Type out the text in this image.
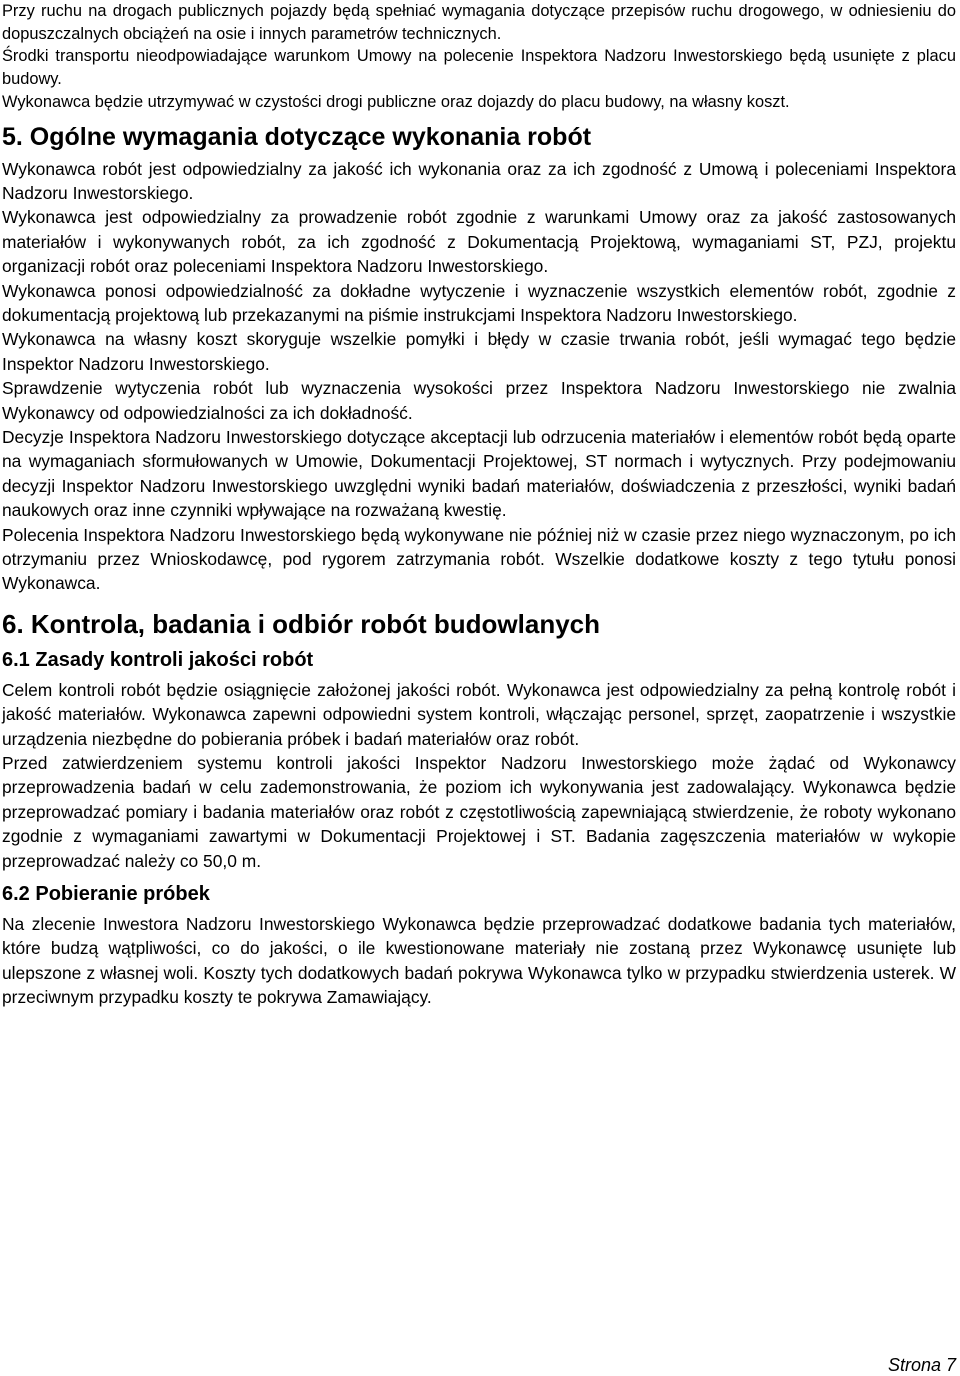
Przy ruchu na drogach publicznych pojazdy będą spełniać wymagania dotyczące przepisów ruchu drogowego, w odniesieniu do dopuszczalnych obciążeń na osie i innych parametrów technicznych.

Środki transportu nieodpowiadające warunkom Umowy na polecenie Inspektora Nadzoru Inwestorskiego będą usunięte z placu budowy.

Wykonawca będzie utrzymywać w czystości drogi publiczne oraz dojazdy do placu budowy, na własny koszt.

5. Ogólne wymagania dotyczące wykonania robót

Wykonawca robót jest odpowiedzialny za jakość ich wykonania oraz za ich zgodność z Umową i poleceniami Inspektora Nadzoru Inwestorskiego.

Wykonawca jest odpowiedzialny za prowadzenie robót zgodnie z warunkami Umowy oraz za jakość zastosowanych materiałów i wykonywanych robót, za ich zgodność z Dokumentacją Projektową, wymaganiami ST, PZJ, projektu organizacji robót oraz poleceniami Inspektora Nadzoru Inwestorskiego.

Wykonawca ponosi odpowiedzialność za dokładne wytyczenie i wyznaczenie wszystkich elementów robót, zgodnie z dokumentacją projektową lub przekazanymi na piśmie instrukcjami Inspektora Nadzoru Inwestorskiego.

Wykonawca na własny koszt skoryguje wszelkie pomyłki i błędy w czasie trwania robót, jeśli wymagać tego będzie Inspektor Nadzoru Inwestorskiego.

Sprawdzenie wytyczenia robót lub wyznaczenia wysokości przez Inspektora Nadzoru Inwestorskiego nie zwalnia Wykonawcy od odpowiedzialności za ich dokładność.

Decyzje Inspektora Nadzoru Inwestorskiego dotyczące akceptacji lub odrzucenia materiałów i elementów robót będą oparte na wymaganiach sformułowanych w Umowie, Dokumentacji Projektowej, ST normach i wytycznych. Przy podejmowaniu decyzji Inspektor Nadzoru Inwestorskiego uwzględni wyniki badań materiałów, doświadczenia z przeszłości, wyniki badań naukowych oraz inne czynniki wpływające na rozważaną kwestię.

Polecenia Inspektora Nadzoru Inwestorskiego będą wykonywane nie później niż w czasie przez niego wyznaczonym, po ich otrzymaniu przez Wnioskodawcę, pod rygorem zatrzymania robót. Wszelkie dodatkowe koszty z tego tytułu ponosi Wykonawca.

6. Kontrola, badania i odbiór robót budowlanych
6.1 Zasady kontroli jakości robót

Celem kontroli robót będzie osiągnięcie założonej jakości robót. Wykonawca jest odpowiedzialny za pełną kontrolę robót i jakość materiałów. Wykonawca zapewni odpowiedni system kontroli, włączając personel, sprzęt, zaopatrzenie i wszystkie urządzenia niezbędne do pobierania próbek i badań materiałów oraz robót.

Przed zatwierdzeniem systemu kontroli jakości Inspektor Nadzoru Inwestorskiego może żądać od Wykonawcy przeprowadzenia badań w celu zademonstrowania, że poziom ich wykonywania jest zadowalający. Wykonawca będzie przeprowadzać pomiary i badania materiałów oraz robót z częstotliwością zapewniającą stwierdzenie, że roboty wykonano zgodnie z wymaganiami zawartymi w Dokumentacji Projektowej i ST. Badania zagęszczenia materiałów w wykopie przeprowadzać należy co 50,0 m.

6.2 Pobieranie próbek

Na zlecenie Inwestora Nadzoru Inwestorskiego Wykonawca będzie przeprowadzać dodatkowe badania tych materiałów, które budzą wątpliwości, co do jakości, o ile kwestionowane materiały nie zostaną przez Wykonawcę usunięte lub ulepszone z własnej woli. Koszty tych dodatkowych badań pokrywa Wykonawca tylko w przypadku stwierdzenia usterek. W przeciwnym przypadku koszty te pokrywa Zamawiający.

Strona 7
